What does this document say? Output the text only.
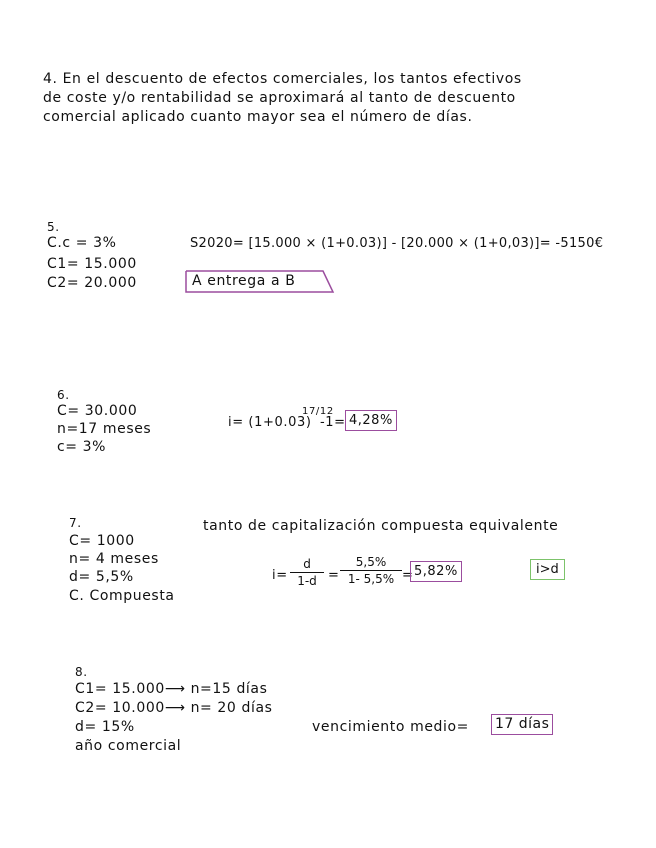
4. En el descuento de efectos comerciales, los tantos efectivos
de coste y/o rentabilidad se aproximará al tanto de descuento
comercial aplicado cuanto mayor sea el número de días.
5.
C.c = 3%
C1= 15.000
C2= 20.000
S2020= [15.000 × (1+0.03)] - [20.000 × (1+0,03)]= -5150€
A entrega a B
6.
C= 30.000
n=17 meses
c= 3%
i= (1+0.03)
17/12
-1= 4,28%
7.	tanto de capitalización compuesta equivalente
C= 1000
n= 4 meses
d= 5,5%
C. Compuesta
i=
d
1-d =
5,5%
1- 5,5% = 5,82%	i>d
8.
C1= 15.000⟶ n=15 días
C2= 10.000⟶ n= 20 días
d= 15%
año comercial
vencimiento medio= 17 días
